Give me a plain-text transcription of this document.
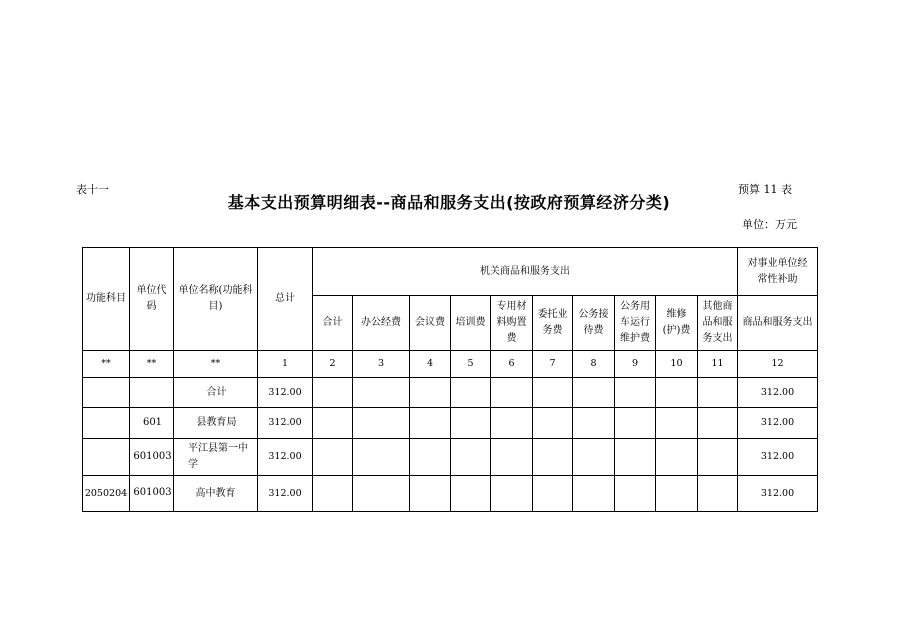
表十一	预算 11 表
基本支出预算明细表--商品和服务支出(按政府预算经济分类)
单位：万元
功能科目	单位代码	单位名称(功能科目)	总计	机关商品和服务支出										对事业单位经常性补助
				合计	办公经费	会议费	培训费	专用材料购置费	委托业务费	公务接待费	公务用车运行维护费	维修(护)费	其他商品和服务支出	商品和服务支出
**	**	**	1	2	3	4	5	6	7	8	9	10	11	12
		合计	312.00											312.00
	601	县教育局	312.00											312.00
	601003	平江县第一中学	312.00											312.00
2050204	601003	高中教育	312.00											312.00
